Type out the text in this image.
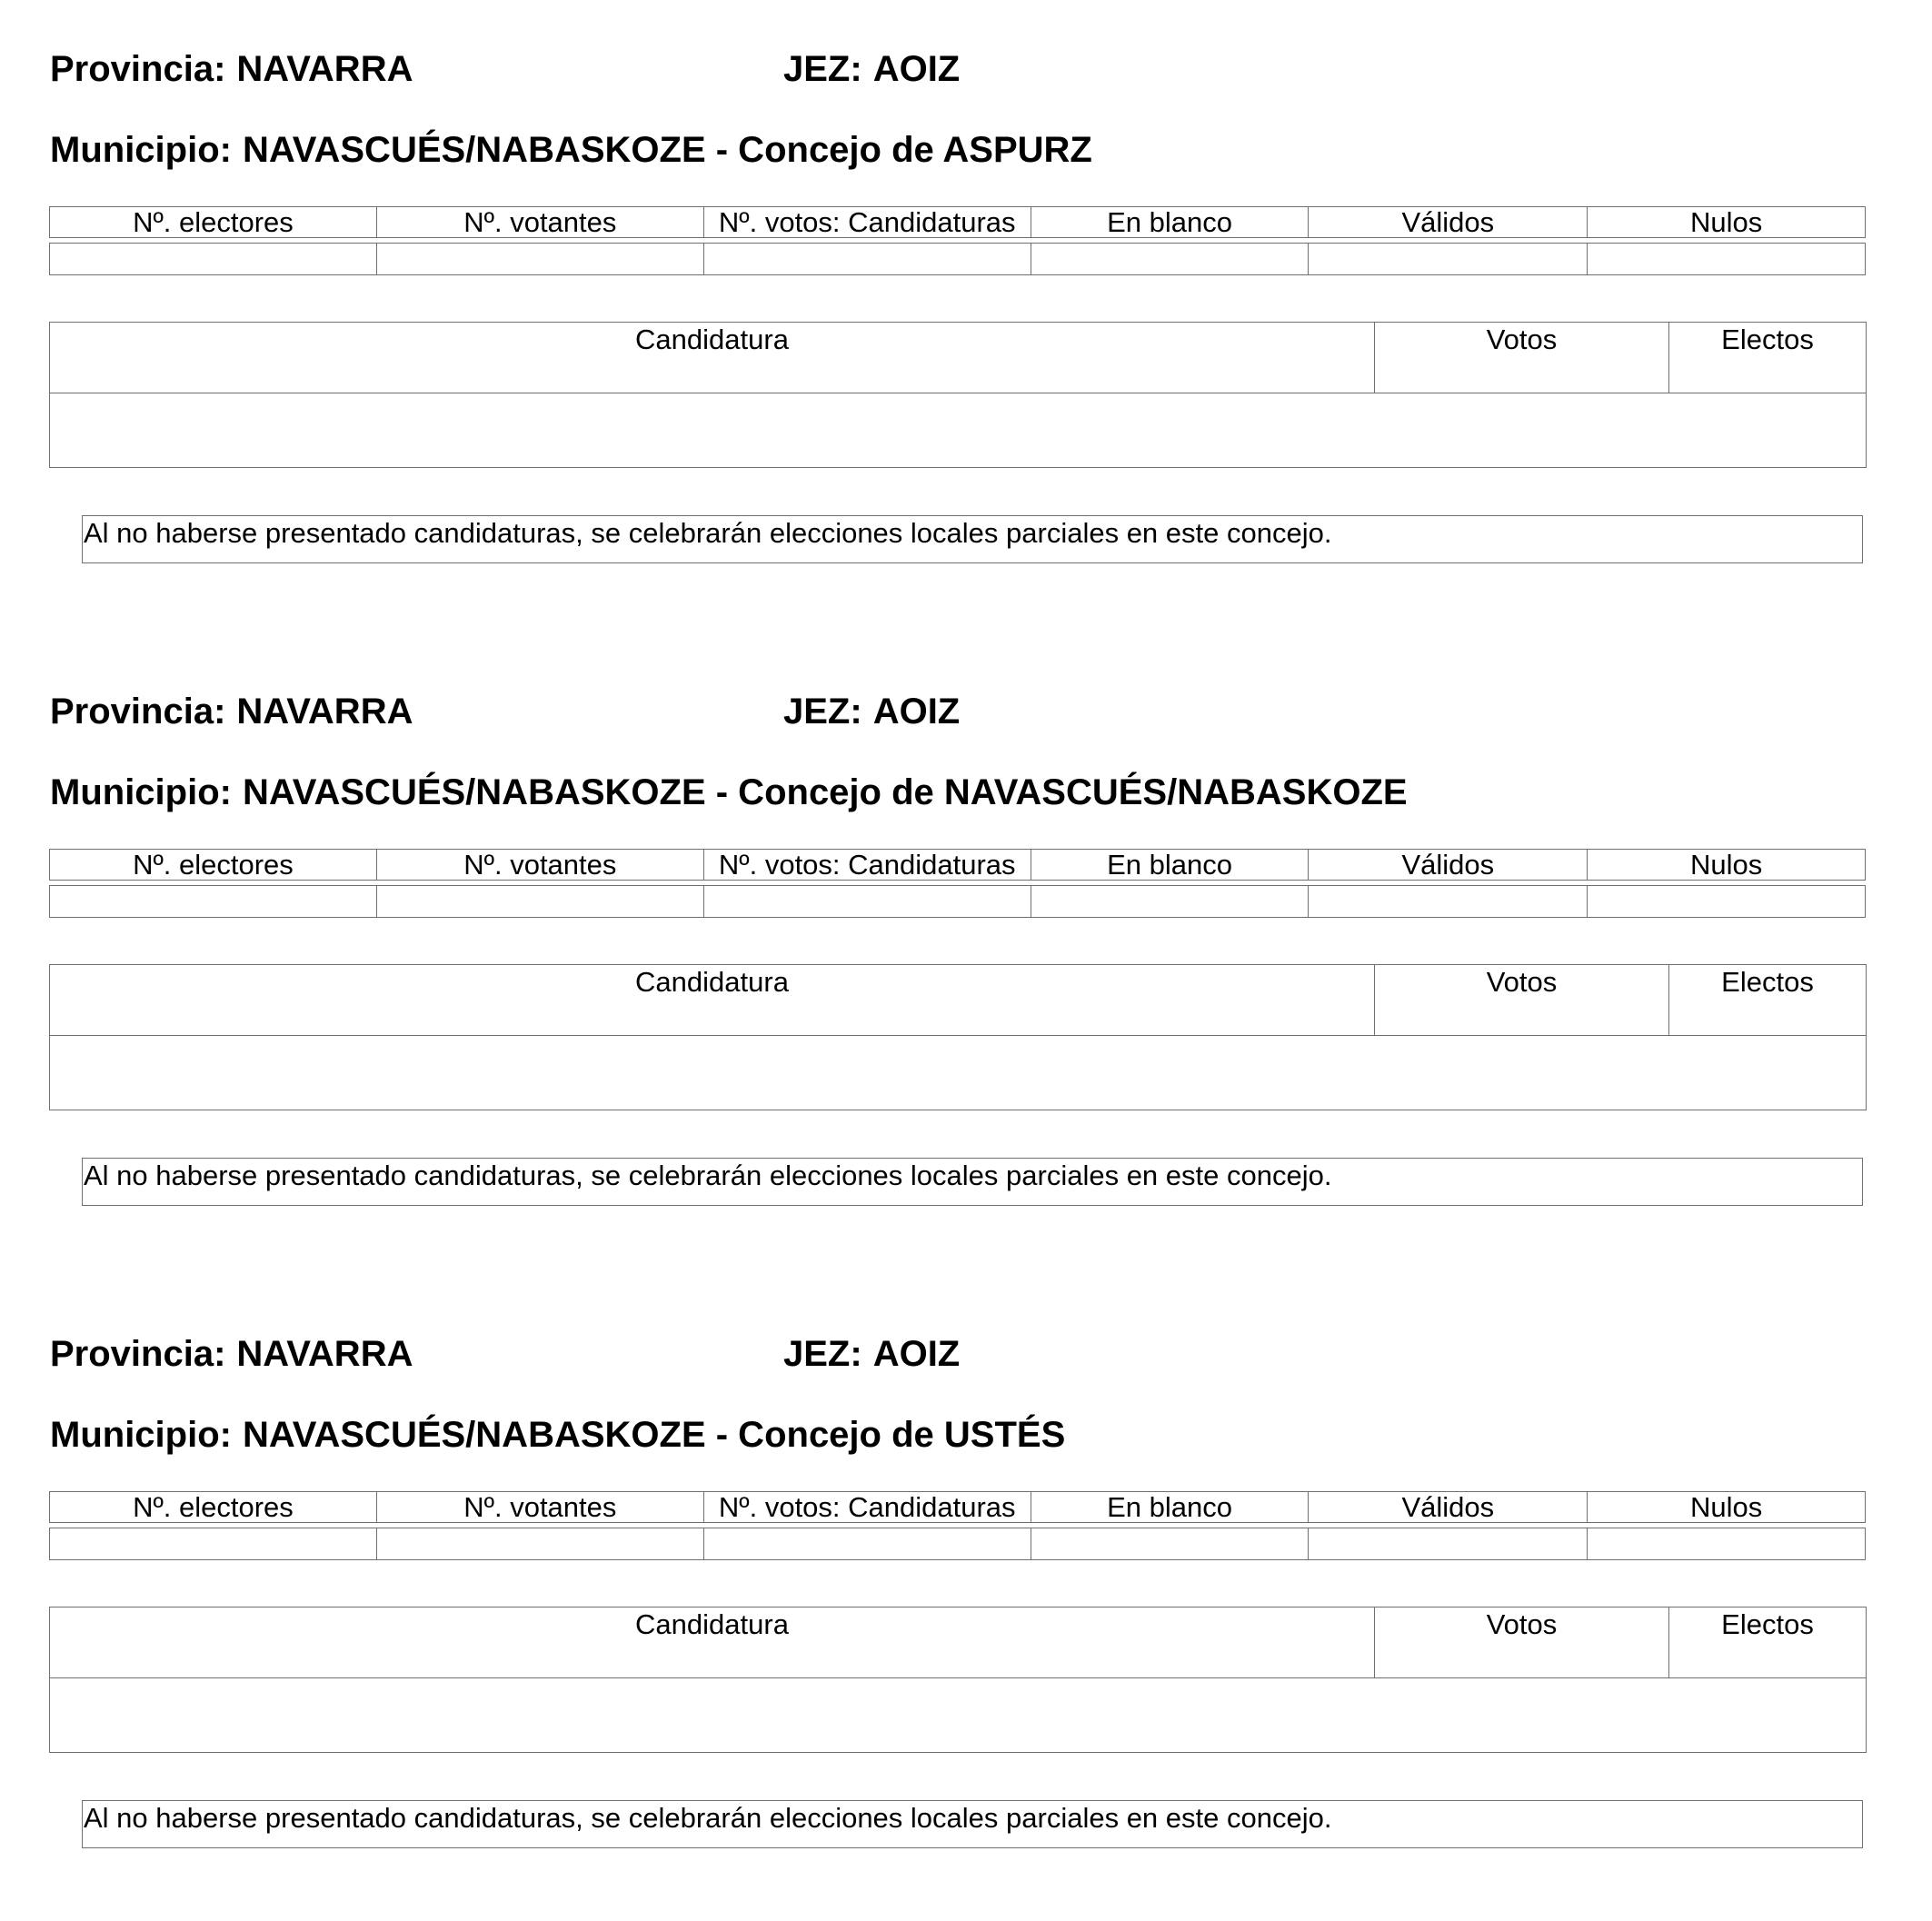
Provincia: NAVARRA	JEZ: AOIZ
Municipio: NAVASCUÉS/NABASKOZE - Concejo de ASPURZ
Nº. electores	Nº. votantes	Nº. votos: Candidaturas	En blanco	Válidos	Nulos

Candidatura	Votos	Electos

Al no haberse presentado candidaturas, se celebrarán elecciones locales parciales en este concejo.
Provincia: NAVARRA	JEZ: AOIZ
Municipio: NAVASCUÉS/NABASKOZE - Concejo de NAVASCUÉS/NABASKOZE
Nº. electores	Nº. votantes	Nº. votos: Candidaturas	En blanco	Válidos	Nulos

Candidatura	Votos	Electos

Al no haberse presentado candidaturas, se celebrarán elecciones locales parciales en este concejo.
Provincia: NAVARRA	JEZ: AOIZ
Municipio: NAVASCUÉS/NABASKOZE - Concejo de USTÉS
Nº. electores	Nº. votantes	Nº. votos: Candidaturas	En blanco	Válidos	Nulos

Candidatura	Votos	Electos

Al no haberse presentado candidaturas, se celebrarán elecciones locales parciales en este concejo.
